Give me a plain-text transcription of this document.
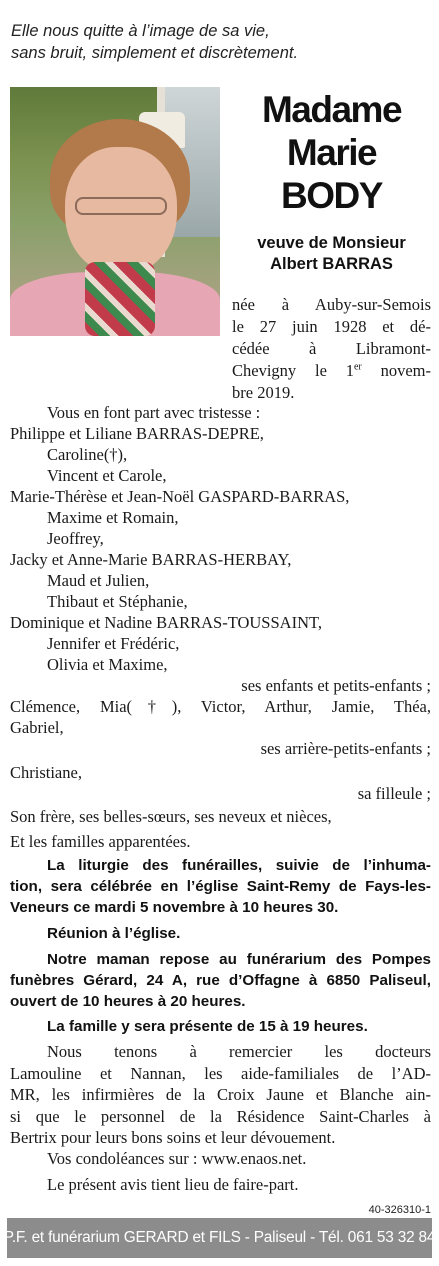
Elle nous quitte à l’image de sa vie,
sans bruit, simplement et discrètement.
Madame
Marie
BODY
veuve de Monsieur
Albert BARRAS
née à Auby-sur-Semois
le 27 juin 1928 et dé-
cédée à Libramont-
Chevigny le 1er novem-
bre 2019.
Vous en font part avec tristesse :
Philippe et Liliane BARRAS-DEPRE,
Caroline(†),
Vincent et Carole,
Marie-Thérèse et Jean-Noël GASPARD-BARRAS,
Maxime et Romain,
Jeoffrey,
Jacky et Anne-Marie BARRAS-HERBAY,
Maud et Julien,
Thibaut et Stéphanie,
Dominique et Nadine BARRAS-TOUSSAINT,
Jennifer et Frédéric,
Olivia et Maxime,
ses enfants et petits-enfants ;
Clémence, Mia(†), Victor, Arthur, Jamie, Théa,
Gabriel,
ses arrière-petits-enfants ;
Christiane,
sa filleule ;
Son frère, ses belles-sœurs, ses neveux et nièces,
Et les familles apparentées.
La liturgie des funérailles, suivie de l’inhuma-
tion, sera célébrée en l’église Saint-Remy de Fays-les-
Veneurs ce mardi 5 novembre à 10 heures 30.
Réunion à l’église.
Notre maman repose au funérarium des Pompes
funèbres Gérard, 24 A, rue d’Offagne à 6850 Paliseul,
ouvert de 10 heures à 20 heures.
La famille y sera présente de 15 à 19 heures.
Nous tenons à remercier les docteurs
Lamouline et Nannan, les aide-familiales de l’AD-
MR, les infirmières de la Croix Jaune et Blanche ain-
si que le personnel de la Résidence Saint-Charles à
Bertrix pour leurs bons soins et leur dévouement.
Vos condoléances sur : www.enaos.net.
Le présent avis tient lieu de faire-part.
40-326310-1
P.F. et funérarium GERARD et FILS - Paliseul - Tél. 061 53 32 84
